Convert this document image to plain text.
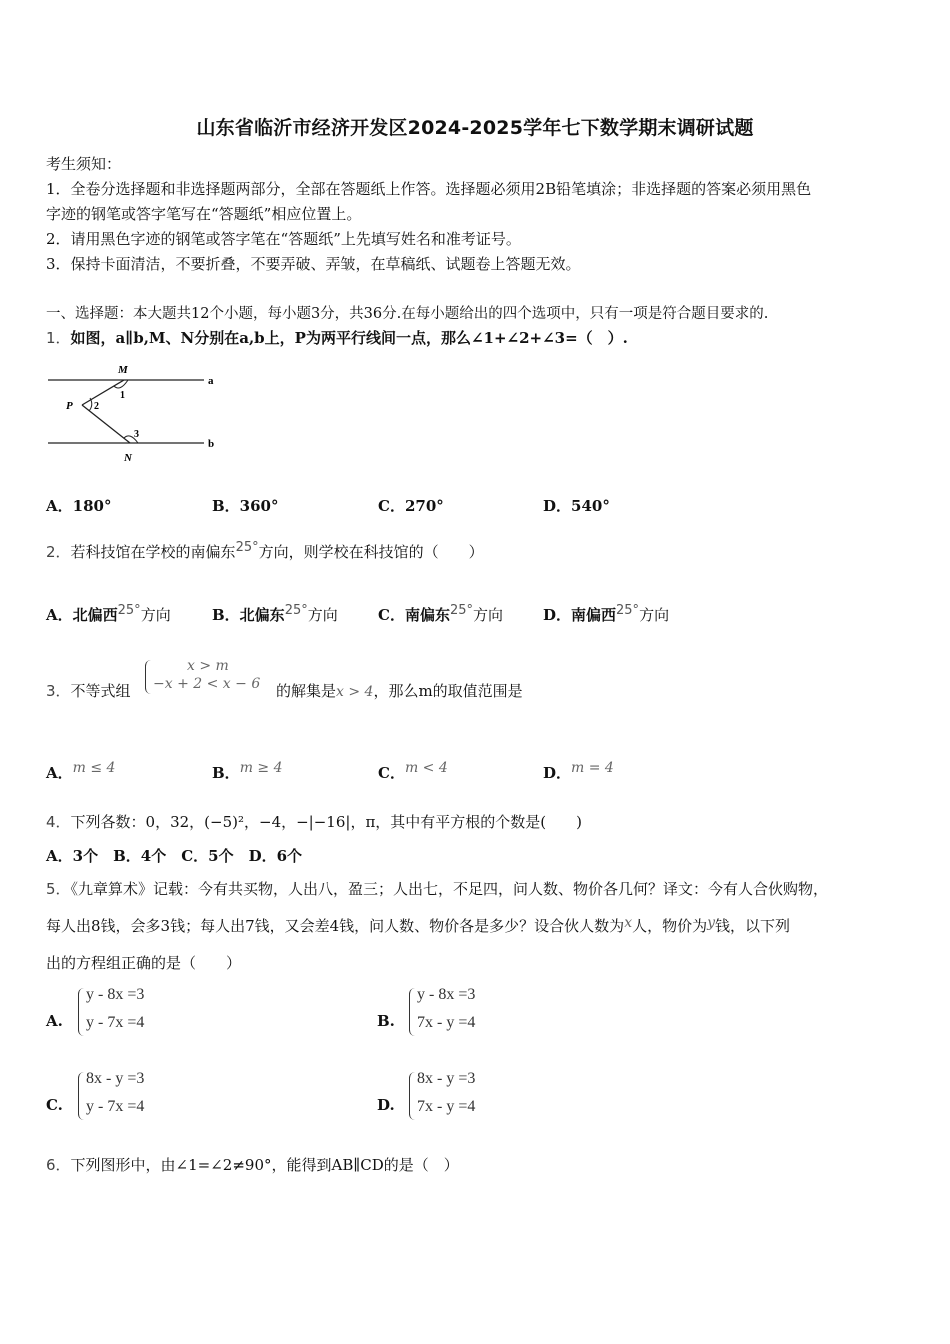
山东省临沂市经济开发区2024-2025学年七下数学期末调研试题
考生须知：
1．全卷分选择题和非选择题两部分，全部在答题纸上作答。选择题必须用2B铅笔填涂；非选择题的答案必须用黑色
字迹的钢笔或答字笔写在“答题纸”相应位置上。
2．请用黑色字迹的钢笔或答字笔在“答题纸”上先填写姓名和准考证号。
3．保持卡面清洁，不要折叠，不要弄破、弄皱，在草稿纸、试题卷上答题无效。
一、选择题：本大题共12个小题，每小题3分，共36分.在每小题给出的四个选项中，只有一项是符合题目要求的.
1．如图，a∥b,M、N分别在a,b上，P为两平行线间一点，那么∠1+∠2+∠3=（　）.
M
N
P
a
b
1
2
3
A．180°	B．360°	C．270°	D．540°
2．若科技馆在学校的南偏东25°方向，则学校在科技馆的（　　）
A．北偏西25°方向	B．北偏东25°方向	C．南偏东25°方向	D．南偏西25°方向
3．不等式组
x > m
−x + 2 < x − 6 的解集是x > 4，那么m的取值范围是
A．m ≤ 4	B．m ≥ 4	C．m < 4	D．m = 4
4．下列各数：0，32，(−5)²，−4，−|−16|，π，其中有平方根的个数是(　　)
A．3个　B．4个　C．5个　D．6个
5．《九章算术》记载：今有共买物，人出八，盈三；人出七，不足四，问人数、物价各几何？译文：今有人合伙购物，
每人出8钱，会多3钱；每人出7钱，又会差4钱，问人数、物价各是多少？设合伙人数为x人，物价为y钱，以下列
出的方程组正确的是（　　）
A.
y - 8x =3
y - 7x =4	B.
y - 8x =3
7x - y =4
C.
8x - y =3
y - 7x =4	D.
8x - y =3
7x - y =4
6．下列图形中，由∠1=∠2≠90°，能得到AB∥CD的是（　）
